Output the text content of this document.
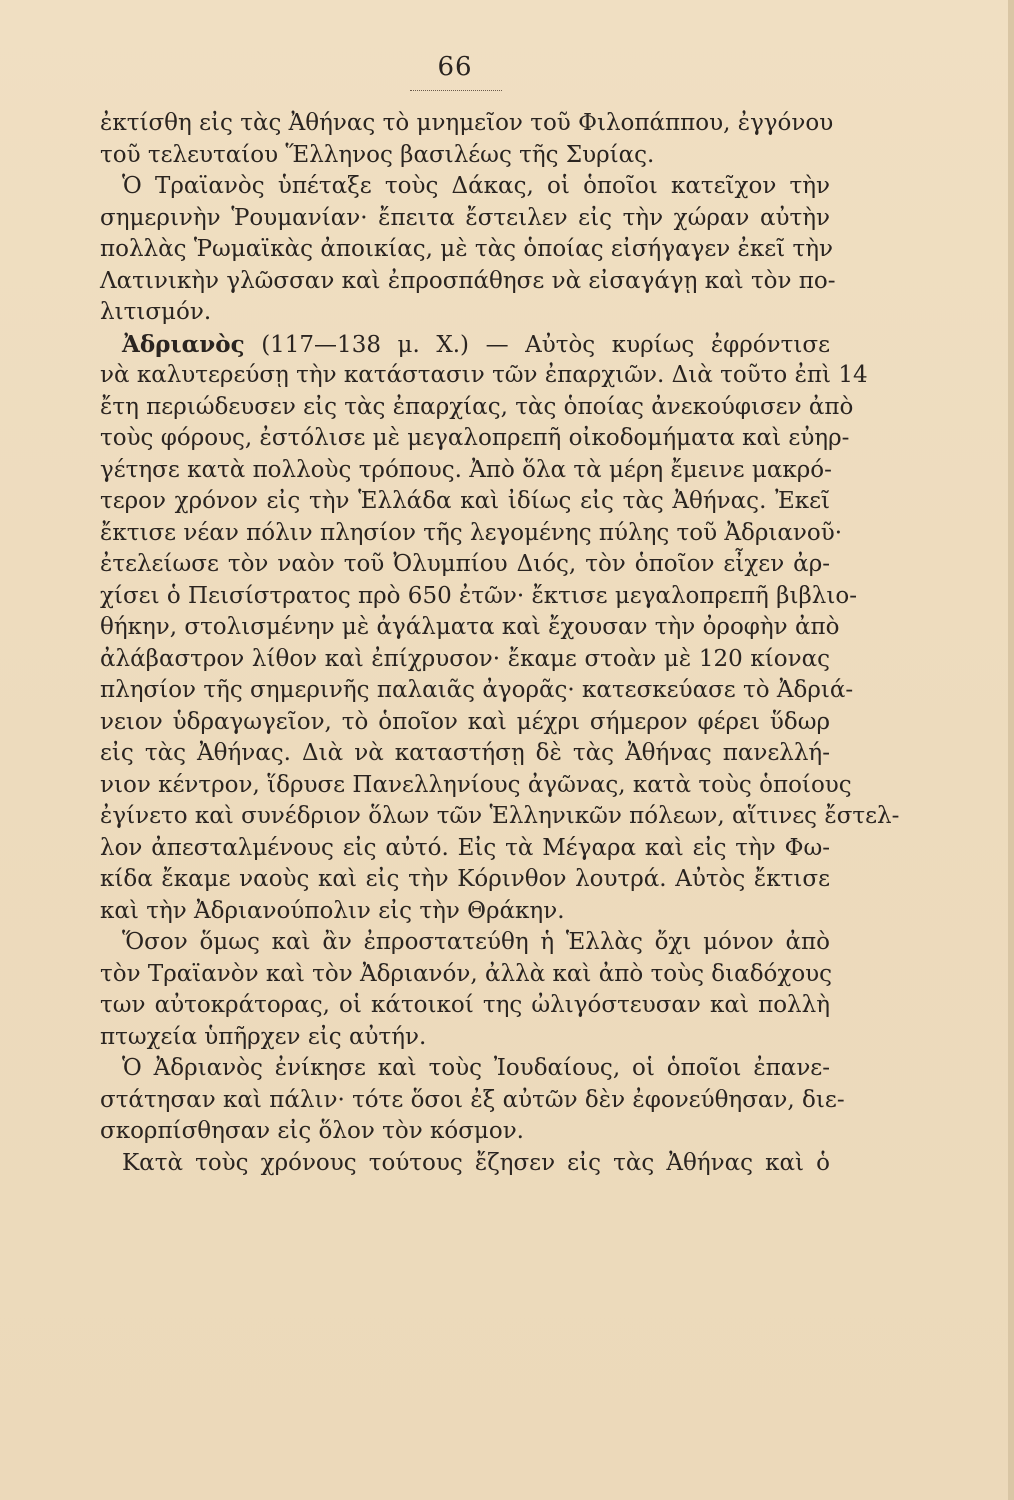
66
ἐκτίσθη εἰς τὰς Ἀθήνας τὸ μνημεῖον τοῦ Φιλοπάππου, ἐγγόνου
τοῦ τελευταίου Ἕλληνος βασιλέως τῆς Συρίας.
Ὁ Τραϊανὸς ὑπέταξε τοὺς Δάκας, οἱ ὁποῖοι κατεῖχον τὴν
σημερινὴν Ῥουμανίαν· ἔπειτα ἔστειλεν εἰς τὴν χώραν αὐτὴν
πολλὰς Ῥωμαϊκὰς ἀποικίας, μὲ τὰς ὁποίας εἰσήγαγεν ἐκεῖ τὴν
Λατινικὴν γλῶσσαν καὶ ἐπροσπάθησε νὰ εἰσαγάγῃ καὶ τὸν πο-
λιτισμόν.
Ἀδριανὸς (117—138 μ. Χ.) — Αὐτὸς κυρίως ἐφρόντισε
νὰ καλυτερεύσῃ τὴν κατάστασιν τῶν ἐπαρχιῶν. Διὰ τοῦτο ἐπὶ 14
ἔτη περιώδευσεν εἰς τὰς ἐπαρχίας, τὰς ὁποίας ἀνεκούφισεν ἀπὸ
τοὺς φόρους, ἐστόλισε μὲ μεγαλοπρεπῆ οἰκοδομήματα καὶ εὐηρ-
γέτησε κατὰ πολλοὺς τρόπους. Ἀπὸ ὅλα τὰ μέρη ἔμεινε μακρό-
τερον χρόνον εἰς τὴν Ἑλλάδα καὶ ἰδίως εἰς τὰς Ἀθήνας. Ἐκεῖ
ἔκτισε νέαν πόλιν πλησίον τῆς λεγομένης πύλης τοῦ Ἀδριανοῦ·
ἐτελείωσε τὸν ναὸν τοῦ Ὀλυμπίου Διός, τὸν ὁποῖον εἶχεν ἀρ-
χίσει ὁ Πεισίστρατος πρὸ 650 ἐτῶν· ἔκτισε μεγαλοπρεπῆ βιβλιο-
θήκην, στολισμένην μὲ ἀγάλματα καὶ ἔχουσαν τὴν ὀροφὴν ἀπὸ
ἀλάβαστρον λίθον καὶ ἐπίχρυσον· ἔκαμε στοὰν μὲ 120 κίονας
πλησίον τῆς σημερινῆς παλαιᾶς ἀγορᾶς· κατεσκεύασε τὸ Ἀδριά-
νειον ὑδραγωγεῖον, τὸ ὁποῖον καὶ μέχρι σήμερον φέρει ὕδωρ
εἰς τὰς Ἀθήνας. Διὰ νὰ καταστήσῃ δὲ τὰς Ἀθήνας πανελλή-
νιον κέντρον, ἵδρυσε Πανελληνίους ἀγῶνας, κατὰ τοὺς ὁποίους
ἐγίνετο καὶ συνέδριον ὅλων τῶν Ἑλληνικῶν πόλεων, αἵτινες ἔστελ-
λον ἀπεσταλμένους εἰς αὐτό. Εἰς τὰ Μέγαρα καὶ εἰς τὴν Φω-
κίδα ἔκαμε ναοὺς καὶ εἰς τὴν Κόρινθον λουτρά. Αὐτὸς ἔκτισε
καὶ τὴν Ἀδριανούπολιν εἰς τὴν Θράκην.
Ὅσον ὅμως καὶ ἂν ἐπροστατεύθη ἡ Ἑλλὰς ὄχι μόνον ἀπὸ
τὸν Τραϊανὸν καὶ τὸν Ἀδριανόν, ἀλλὰ καὶ ἀπὸ τοὺς διαδόχους
των αὐτοκράτορας, οἱ κάτοικοί της ὠλιγόστευσαν καὶ πολλὴ
πτωχεία ὑπῆρχεν εἰς αὐτήν.
Ὁ Ἀδριανὸς ἐνίκησε καὶ τοὺς Ἰουδαίους, οἱ ὁποῖοι ἐπανε-
στάτησαν καὶ πάλιν· τότε ὅσοι ἐξ αὐτῶν δὲν ἐφονεύθησαν, διε-
σκορπίσθησαν εἰς ὅλον τὸν κόσμον.
Κατὰ τοὺς χρόνους τούτους ἔζησεν εἰς τὰς Ἀθήνας καὶ ὁ
